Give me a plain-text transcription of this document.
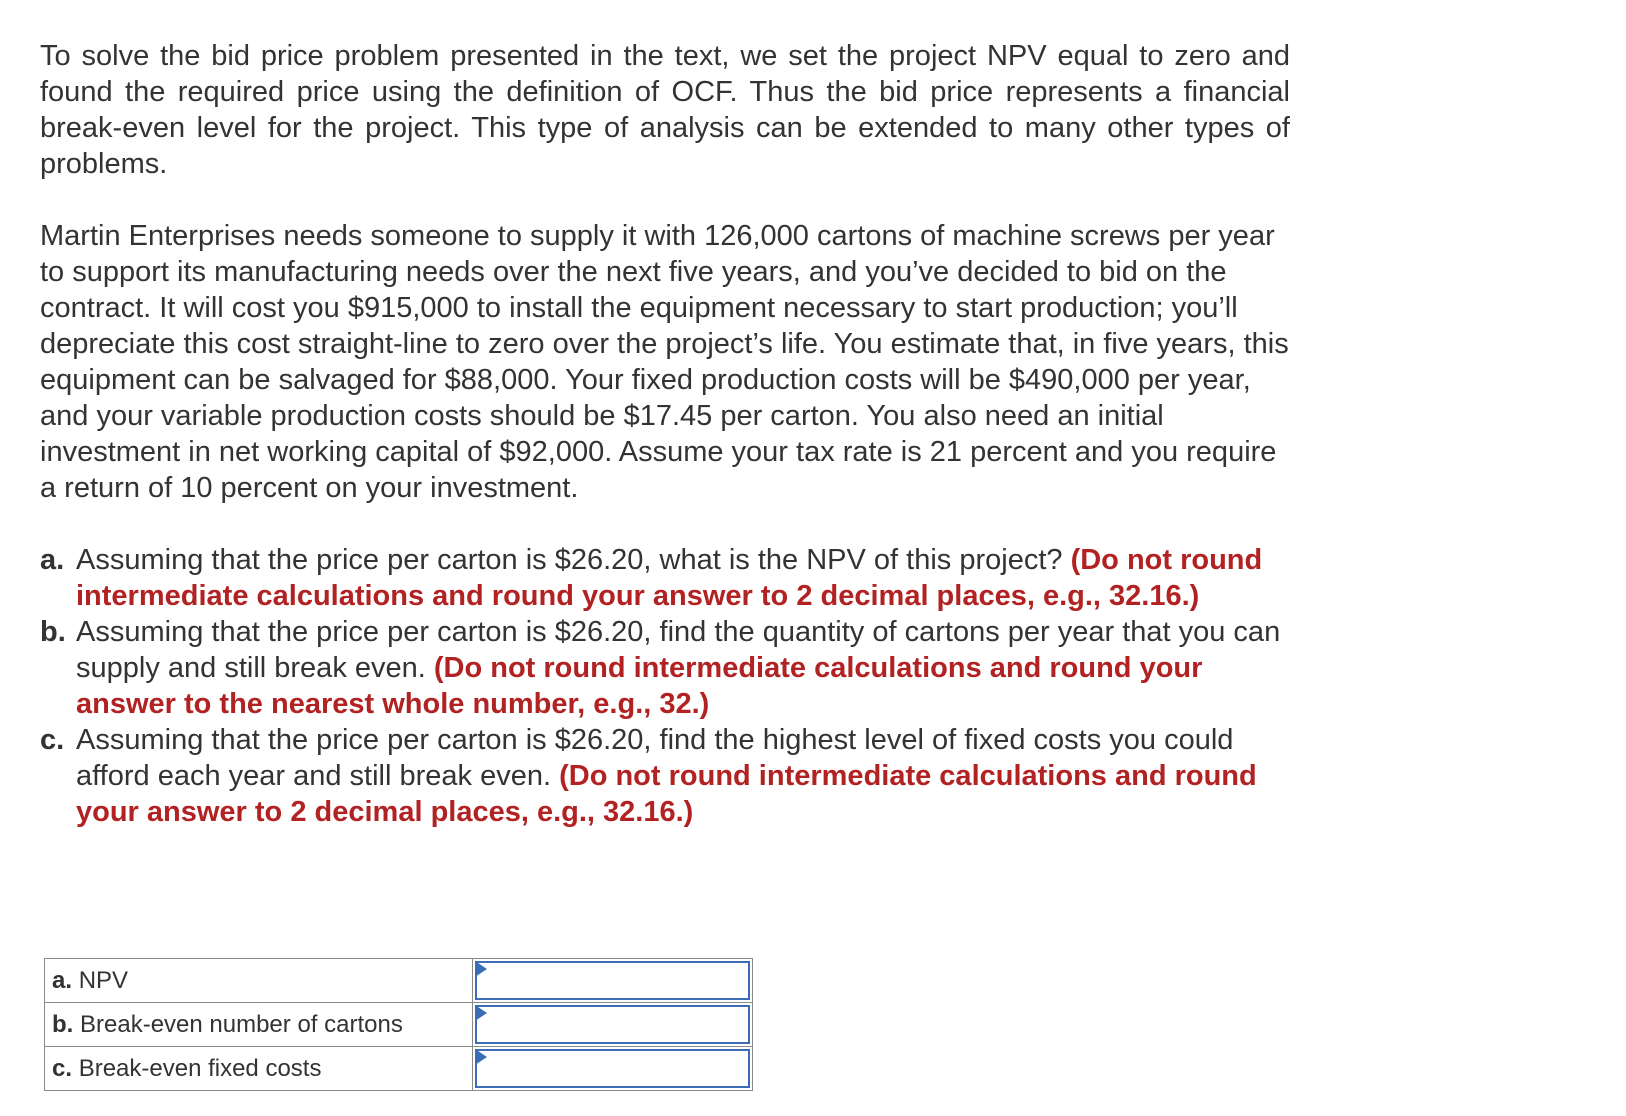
To solve the bid price problem presented in the text, we set the project NPV equal to zero and found the required price using the definition of OCF. Thus the bid price represents a financial break-even level for the project. This type of analysis can be extended to many other types of problems.

Martin Enterprises needs someone to supply it with 126,000 cartons of machine screws per year to support its manufacturing needs over the next five years, and you’ve decided to bid on the contract. It will cost you $915,000 to install the equipment necessary to start production; you’ll depreciate this cost straight-line to zero over the project’s life. You estimate that, in five years, this equipment can be salvaged for $88,000. Your fixed production costs will be $490,000 per year, and your variable production costs should be $17.45 per carton. You also need an initial investment in net working capital of $92,000. Assume your tax rate is 21 percent and you require a return of 10 percent on your investment.

a. Assuming that the price per carton is $26.20, what is the NPV of this project? (Do not round intermediate calculations and round your answer to 2 decimal places, e.g., 32.16.)
b. Assuming that the price per carton is $26.20, find the quantity of cartons per year that you can supply and still break even. (Do not round intermediate calculations and round your answer to the nearest whole number, e.g., 32.)
c. Assuming that the price per carton is $26.20, find the highest level of fixed costs you could afford each year and still break even. (Do not round intermediate calculations and round your answer to 2 decimal places, e.g., 32.16.)
a. NPV	

b. Break-even number of cartons	

c. Break-even fixed costs	
